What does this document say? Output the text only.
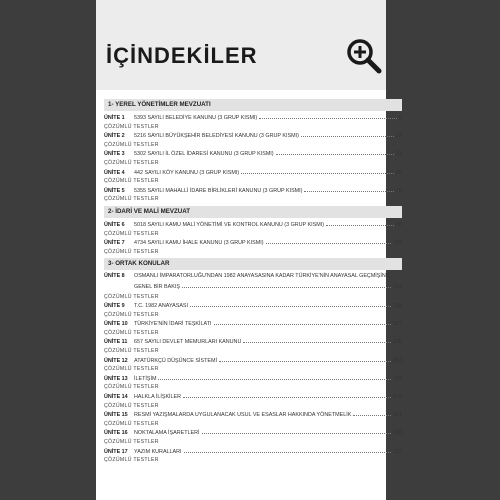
İÇİNDEKİLER
1- YEREL YÖNETİMLER MEVZUATI
ÜNİTE 1	5393 SAYILI BELEDİYE KANUNU (3 GRUP KISMI)	5
ÇÖZÜMLÜ TESTLER
ÜNİTE 2	5216 SAYILI BÜYÜKŞEHİR BELEDİYESİ KANUNU (3 GRUP KISMI)	23
ÇÖZÜMLÜ TESTLER
ÜNİTE 3	5302 SAYILI İL ÖZEL İDARESİ KANUNU (3 GRUP KISMI)	33
ÇÖZÜMLÜ TESTLER
ÜNİTE 4	442 SAYILI KÖY KANUNU (3 GRUP KISMI)	60
ÇÖZÜMLÜ TESTLER
ÜNİTE 5	5355 SAYILI MAHALLİ İDARE BİRLİKLERİ KANUNU (3 GRUP KISMI)	70
ÇÖZÜMLÜ TESTLER
2- İDARİ VE MALİ MEVZUAT
ÜNİTE 6	5018 SAYILI KAMU MALİ YÖNETİMİ VE KONTROL KANUNU (3 GRUP KISMI)	80
ÇÖZÜMLÜ TESTLER
ÜNİTE 7	4734 SAYILI KAMU İHALE KANUNU (3 GRUP KISMI)	118
ÇÖZÜMLÜ TESTLER
3- ORTAK KONULAR
ÜNİTE 8	OSMANLI İMPARATORLUĞU'NDAN 1982 ANAYASASINA KADAR TÜRKİYE'NİN ANAYASAL GEÇMİŞİNE
GENEL BİR BAKIŞ	153
ÇÖZÜMLÜ TESTLER
ÜNİTE 9	T.C. 1982 ANAYASASI	158
ÇÖZÜMLÜ TESTLER
ÜNİTE 10	TÜRKİYE'NİN İDARİ TEŞKİLATI	187
ÇÖZÜMLÜ TESTLER
ÜNİTE 11	657 SAYILI DEVLET MEMURLARI KANUNU	205
ÇÖZÜMLÜ TESTLER
ÜNİTE 12	ATATÜRKÇÜ DÜŞÜNCE SİSTEMİ	258
ÇÖZÜMLÜ TESTLER
ÜNİTE 13	İLETİŞİM	269
ÇÖZÜMLÜ TESTLER
ÜNİTE 14	HALKLA İLİŞKİLER	275
ÇÖZÜMLÜ TESTLER
ÜNİTE 15	RESMİ YAZIŞMALARDA UYGULANACAK USUL VE ESASLAR HAKKINDA YÖNETMELİK	291
ÇÖZÜMLÜ TESTLER
ÜNİTE 16	NOKTALAMA İŞARETLERİ	308
ÇÖZÜMLÜ TESTLER
ÜNİTE 17	YAZIM KURALLARI	322
ÇÖZÜMLÜ TESTLER
